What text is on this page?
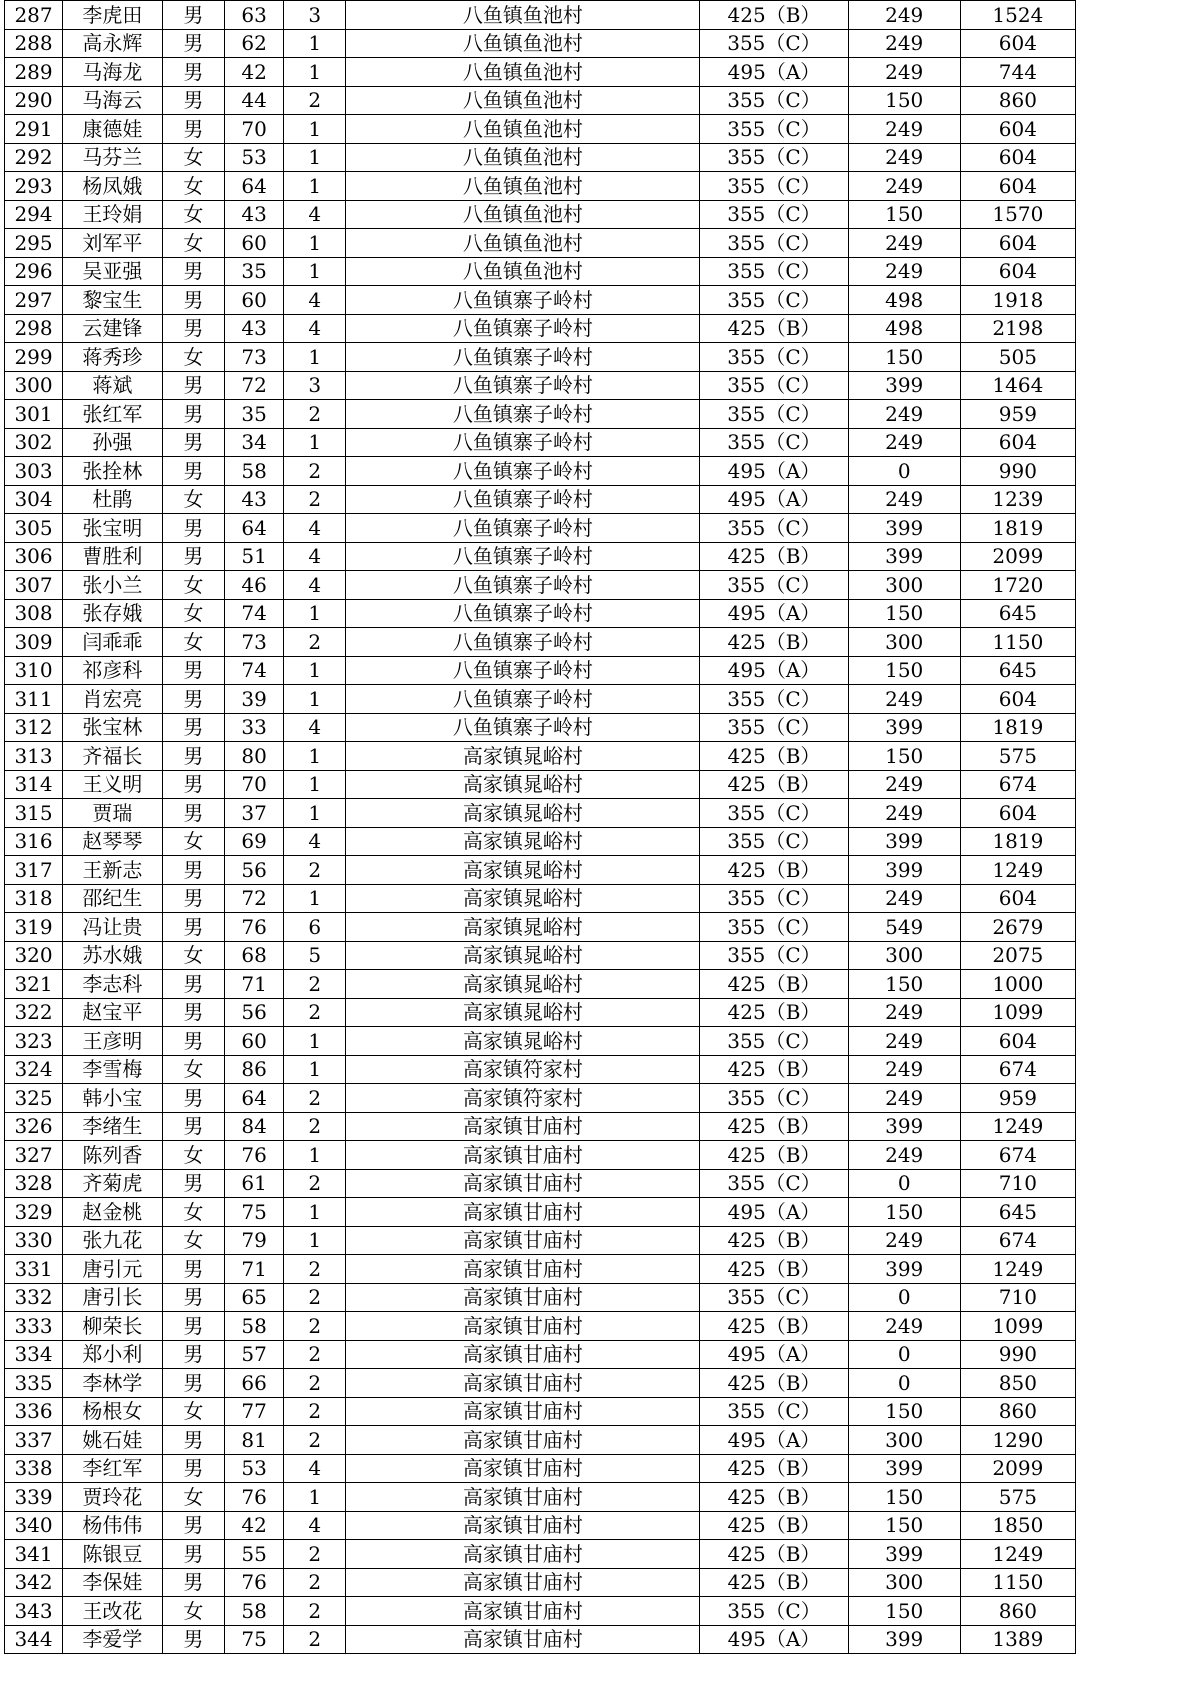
287	李虎田	男	63	3	八鱼镇鱼池村	425（B）	249	1524
288	高永辉	男	62	1	八鱼镇鱼池村	355（C）	249	604
289	马海龙	男	42	1	八鱼镇鱼池村	495（A）	249	744
290	马海云	男	44	2	八鱼镇鱼池村	355（C）	150	860
291	康德娃	男	70	1	八鱼镇鱼池村	355（C）	249	604
292	马芬兰	女	53	1	八鱼镇鱼池村	355（C）	249	604
293	杨凤娥	女	64	1	八鱼镇鱼池村	355（C）	249	604
294	王玲娟	女	43	4	八鱼镇鱼池村	355（C）	150	1570
295	刘军平	女	60	1	八鱼镇鱼池村	355（C）	249	604
296	吴亚强	男	35	1	八鱼镇鱼池村	355（C）	249	604
297	黎宝生	男	60	4	八鱼镇寨子岭村	355（C）	498	1918
298	云建锋	男	43	4	八鱼镇寨子岭村	425（B）	498	2198
299	蒋秀珍	女	73	1	八鱼镇寨子岭村	355（C）	150	505
300	蒋斌	男	72	3	八鱼镇寨子岭村	355（C）	399	1464
301	张红军	男	35	2	八鱼镇寨子岭村	355（C）	249	959
302	孙强	男	34	1	八鱼镇寨子岭村	355（C）	249	604
303	张拴林	男	58	2	八鱼镇寨子岭村	495（A）	0	990
304	杜鹃	女	43	2	八鱼镇寨子岭村	495（A）	249	1239
305	张宝明	男	64	4	八鱼镇寨子岭村	355（C）	399	1819
306	曹胜利	男	51	4	八鱼镇寨子岭村	425（B）	399	2099
307	张小兰	女	46	4	八鱼镇寨子岭村	355（C）	300	1720
308	张存娥	女	74	1	八鱼镇寨子岭村	495（A）	150	645
309	闫乖乖	女	73	2	八鱼镇寨子岭村	425（B）	300	1150
310	祁彦科	男	74	1	八鱼镇寨子岭村	495（A）	150	645
311	肖宏亮	男	39	1	八鱼镇寨子岭村	355（C）	249	604
312	张宝林	男	33	4	八鱼镇寨子岭村	355（C）	399	1819
313	齐福长	男	80	1	高家镇晁峪村	425（B）	150	575
314	王义明	男	70	1	高家镇晁峪村	425（B）	249	674
315	贾瑞	男	37	1	高家镇晁峪村	355（C）	249	604
316	赵琴琴	女	69	4	高家镇晁峪村	355（C）	399	1819
317	王新志	男	56	2	高家镇晁峪村	425（B）	399	1249
318	邵纪生	男	72	1	高家镇晁峪村	355（C）	249	604
319	冯让贵	男	76	6	高家镇晁峪村	355（C）	549	2679
320	苏水娥	女	68	5	高家镇晁峪村	355（C）	300	2075
321	李志科	男	71	2	高家镇晁峪村	425（B）	150	1000
322	赵宝平	男	56	2	高家镇晁峪村	425（B）	249	1099
323	王彦明	男	60	1	高家镇晁峪村	355（C）	249	604
324	李雪梅	女	86	1	高家镇符家村	425（B）	249	674
325	韩小宝	男	64	2	高家镇符家村	355（C）	249	959
326	李绪生	男	84	2	高家镇甘庙村	425（B）	399	1249
327	陈列香	女	76	1	高家镇甘庙村	425（B）	249	674
328	齐菊虎	男	61	2	高家镇甘庙村	355（C）	0	710
329	赵金桃	女	75	1	高家镇甘庙村	495（A）	150	645
330	张九花	女	79	1	高家镇甘庙村	425（B）	249	674
331	唐引元	男	71	2	高家镇甘庙村	425（B）	399	1249
332	唐引长	男	65	2	高家镇甘庙村	355（C）	0	710
333	柳荣长	男	58	2	高家镇甘庙村	425（B）	249	1099
334	郑小利	男	57	2	高家镇甘庙村	495（A）	0	990
335	李林学	男	66	2	高家镇甘庙村	425（B）	0	850
336	杨根女	女	77	2	高家镇甘庙村	355（C）	150	860
337	姚石娃	男	81	2	高家镇甘庙村	495（A）	300	1290
338	李红军	男	53	4	高家镇甘庙村	425（B）	399	2099
339	贾玲花	女	76	1	高家镇甘庙村	425（B）	150	575
340	杨伟伟	男	42	4	高家镇甘庙村	425（B）	150	1850
341	陈银豆	男	55	2	高家镇甘庙村	425（B）	399	1249
342	李保娃	男	76	2	高家镇甘庙村	425（B）	300	1150
343	王改花	女	58	2	高家镇甘庙村	355（C）	150	860
344	李爱学	男	75	2	高家镇甘庙村	495（A）	399	1389
